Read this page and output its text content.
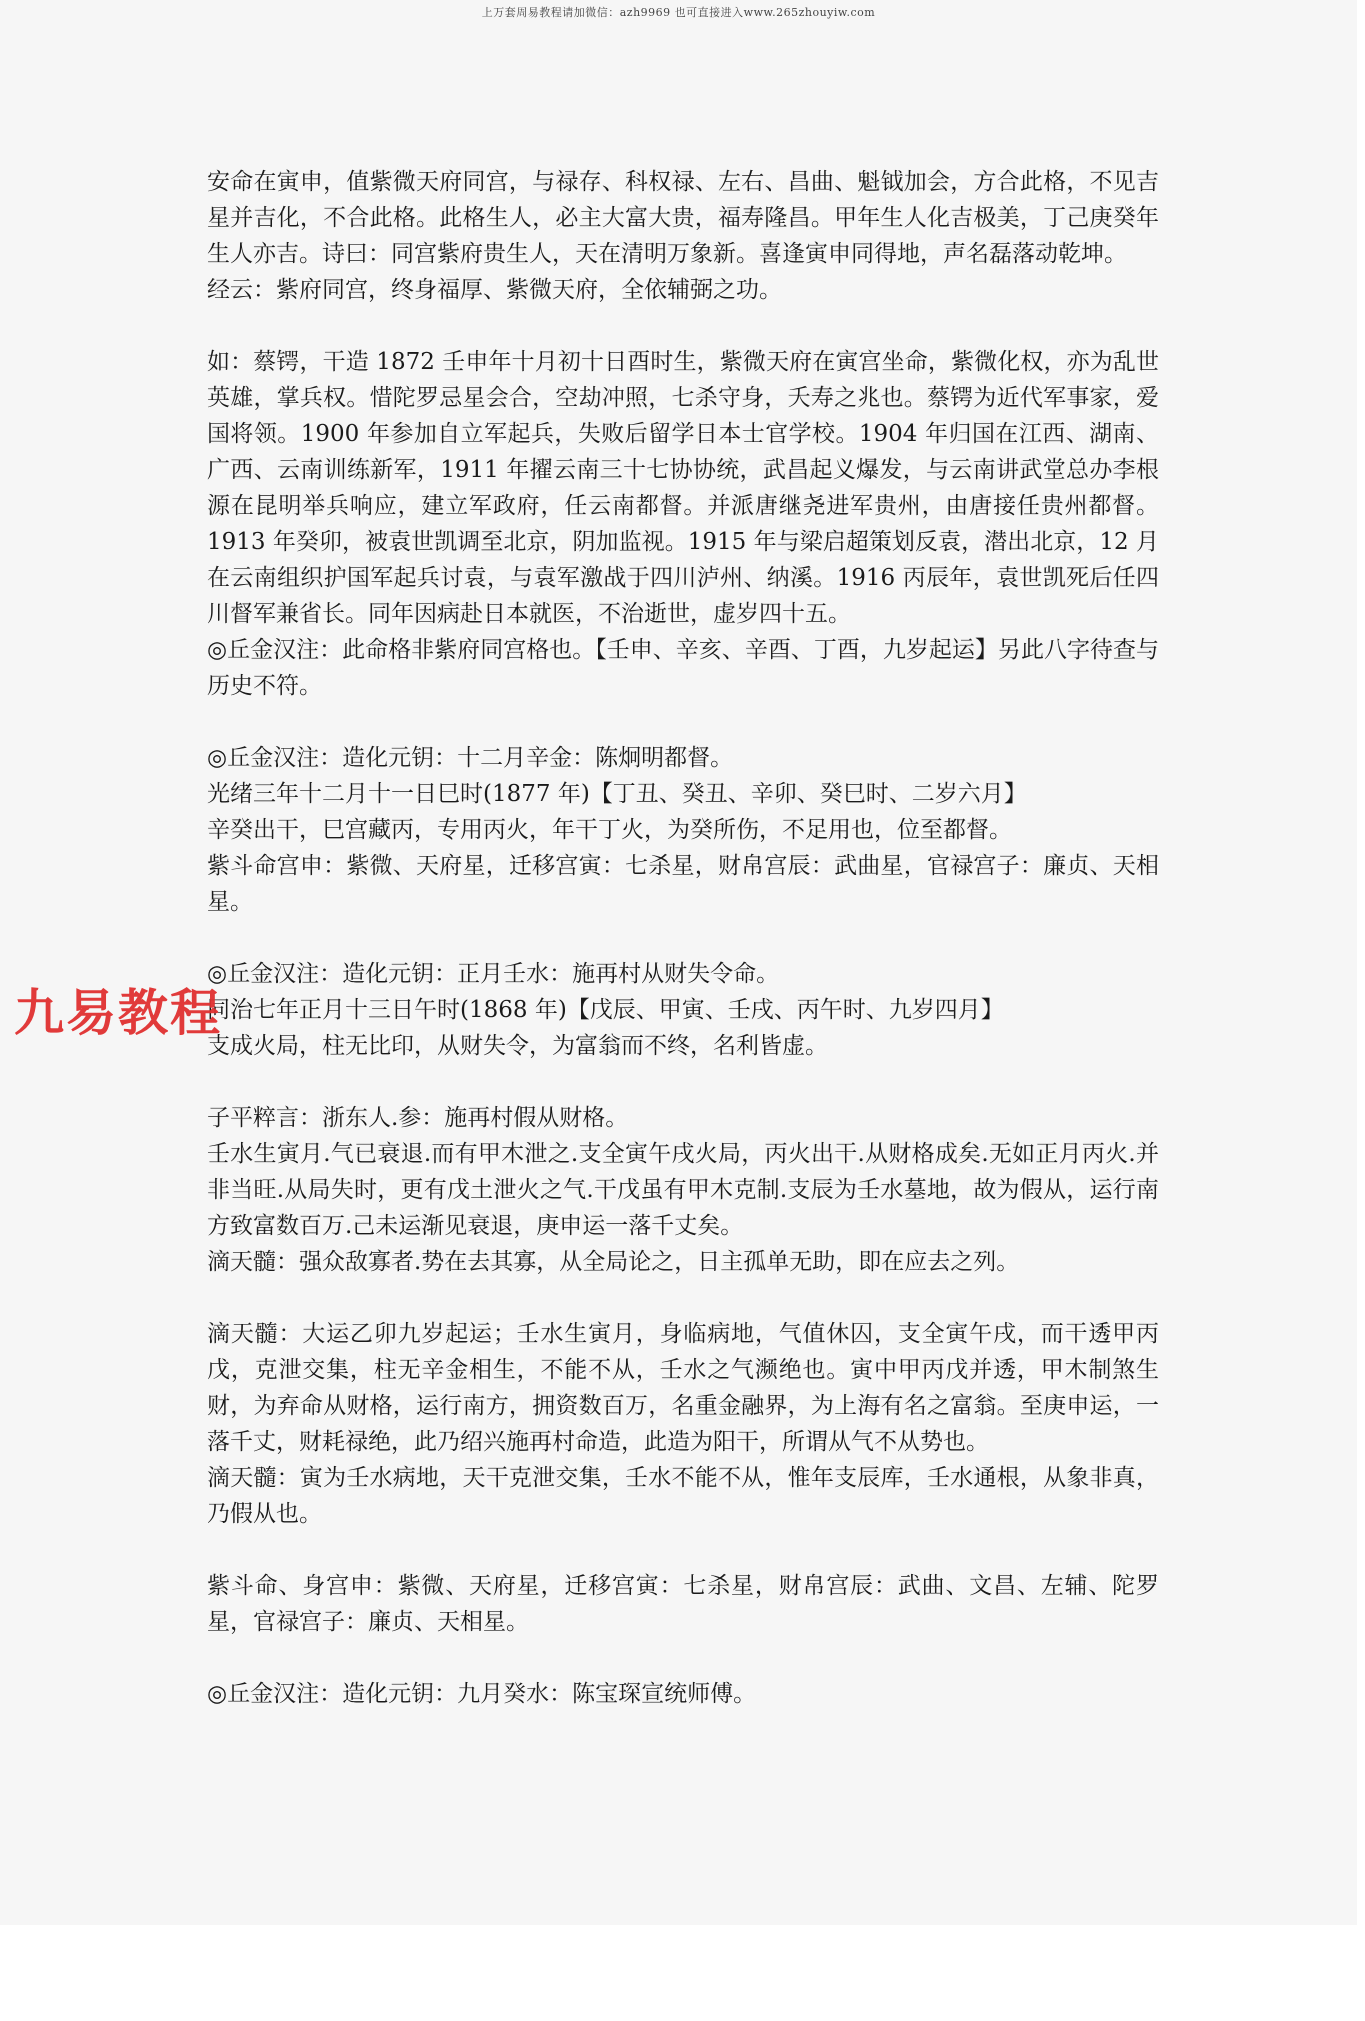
上万套周易教程请加微信：azh9969 也可直接进入www.265zhouyiw.com

安命在寅申，值紫微天府同宫，与禄存、科权禄、左右、昌曲、魁钺加会，方合此格，不见吉星并吉化，不合此格。此格生人，必主大富大贵，福寿隆昌。甲年生人化吉极美，丁己庚癸年生人亦吉。诗曰：同宫紫府贵生人，天在清明万象新。喜逢寅申同得地，声名磊落动乾坤。

经云：紫府同宫，终身福厚、紫微天府，全依辅弼之功。

如：蔡锷，干造 1872 壬申年十月初十日酉时生，紫微天府在寅宫坐命，紫微化权，亦为乱世英雄，掌兵权。惜陀罗忌星会合，空劫冲照，七杀守身，夭寿之兆也。蔡锷为近代军事家，爱国将领。1900 年参加自立军起兵，失败后留学日本士官学校。1904 年归国在江西、湖南、广西、云南训练新军，1911 年擢云南三十七协协统，武昌起义爆发，与云南讲武堂总办李根源在昆明举兵响应，建立军政府，任云南都督。并派唐继尧进军贵州，由唐接任贵州都督。1913 年癸卯，被袁世凯调至北京，阴加监视。1915 年与梁启超策划反袁，潜出北京，12 月在云南组织护国军起兵讨袁，与袁军激战于四川泸州、纳溪。1916 丙辰年，袁世凯死后任四川督军兼省长。同年因病赴日本就医，不治逝世，虚岁四十五。

◎丘金汉注：此命格非紫府同宫格也。【壬申、辛亥、辛酉、丁酉，九岁起运】另此八字待查与历史不符。

◎丘金汉注：造化元钥：十二月辛金：陈炯明都督。

光绪三年十二月十一日巳时(1877 年)【丁丑、癸丑、辛卯、癸巳时、二岁六月】

辛癸出干，巳宫藏丙，专用丙火，年干丁火，为癸所伤，不足用也，位至都督。

紫斗命宫申：紫微、天府星，迁移宫寅：七杀星，财帛宫辰：武曲星，官禄宫子：廉贞、天相星。

◎丘金汉注：造化元钥：正月壬水：施再村从财失令命。

同治七年正月十三日午时(1868 年)【戊辰、甲寅、壬戌、丙午时、九岁四月】

支成火局，柱无比印，从财失令，为富翁而不终，名利皆虚。

子平粹言：浙东人.参：施再村假从财格。

壬水生寅月.气已衰退.而有甲木泄之.支全寅午戌火局，丙火出干.从财格成矣.无如正月丙火.并非当旺.从局失时，更有戊土泄火之气.干戊虽有甲木克制.支辰为壬水墓地，故为假从，运行南方致富数百万.己未运渐见衰退，庚申运一落千丈矣。

滴天髓：强众敌寡者.势在去其寡，从全局论之，日主孤单无助，即在应去之列。

滴天髓：大运乙卯九岁起运；壬水生寅月，身临病地，气值休囚，支全寅午戌，而干透甲丙戊，克泄交集，柱无辛金相生，不能不从，壬水之气濒绝也。寅中甲丙戊并透，甲木制煞生财，为弃命从财格，运行南方，拥资数百万，名重金融界，为上海有名之富翁。至庚申运，一落千丈，财耗禄绝，此乃绍兴施再村命造，此造为阳干，所谓从气不从势也。

滴天髓：寅为壬水病地，天干克泄交集，壬水不能不从，惟年支辰库，壬水通根，从象非真，乃假从也。

紫斗命、身宫申：紫微、天府星，迁移宫寅：七杀星，财帛宫辰：武曲、文昌、左辅、陀罗星，官禄宫子：廉贞、天相星。

◎丘金汉注：造化元钥：九月癸水：陈宝琛宣统师傅。

九易教程
